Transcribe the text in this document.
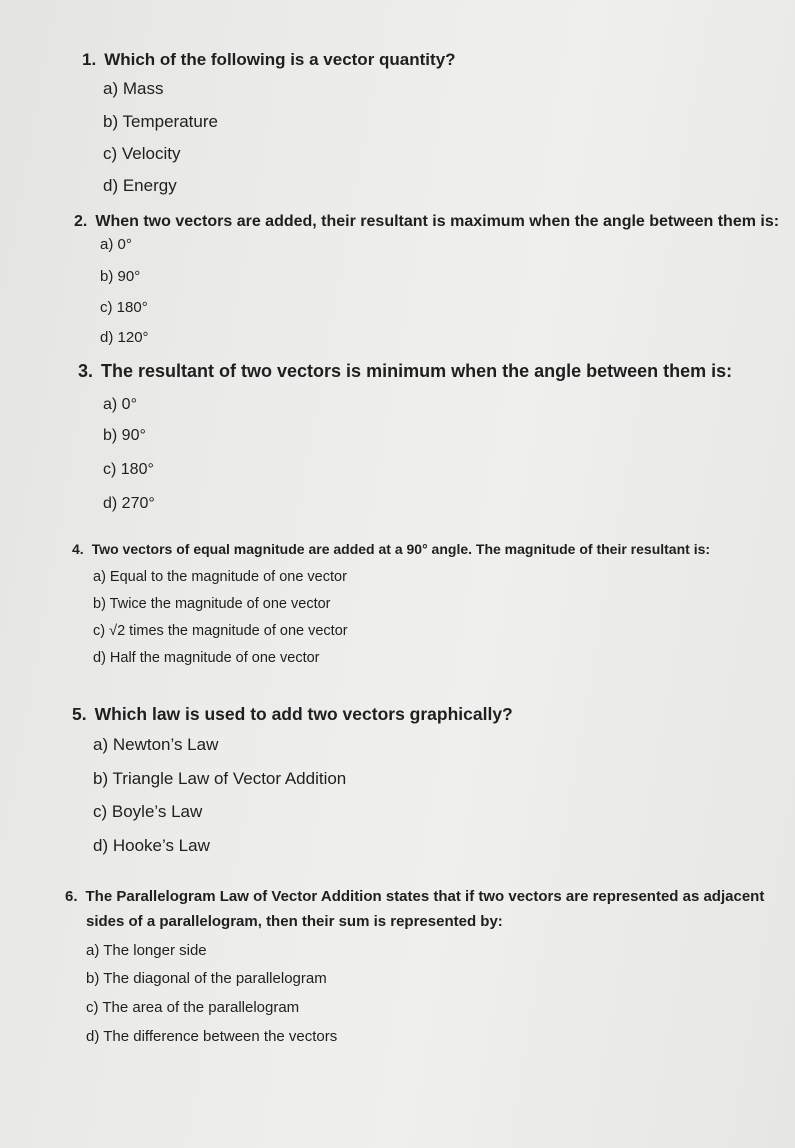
1. Which of the following is a vector quantity?
a) Mass
b) Temperature
c) Velocity
d) Energy
2. When two vectors are added, their resultant is maximum when the angle between them is:
a) 0°
b) 90°
c) 180°
d) 120°
3. The resultant of two vectors is minimum when the angle between them is:
a) 0°
b) 90°
c) 180°
d) 270°
4. Two vectors of equal magnitude are added at a 90° angle. The magnitude of their resultant is:
a) Equal to the magnitude of one vector
b) Twice the magnitude of one vector
c) √2 times the magnitude of one vector
d) Half the magnitude of one vector
5. Which law is used to add two vectors graphically?
a) Newton’s Law
b) Triangle Law of Vector Addition
c) Boyle’s Law
d) Hooke’s Law
6. The Parallelogram Law of Vector Addition states that if two vectors are represented as adjacent
sides of a parallelogram, then their sum is represented by:
a) The longer side
b) The diagonal of the parallelogram
c) The area of the parallelogram
d) The difference between the vectors
